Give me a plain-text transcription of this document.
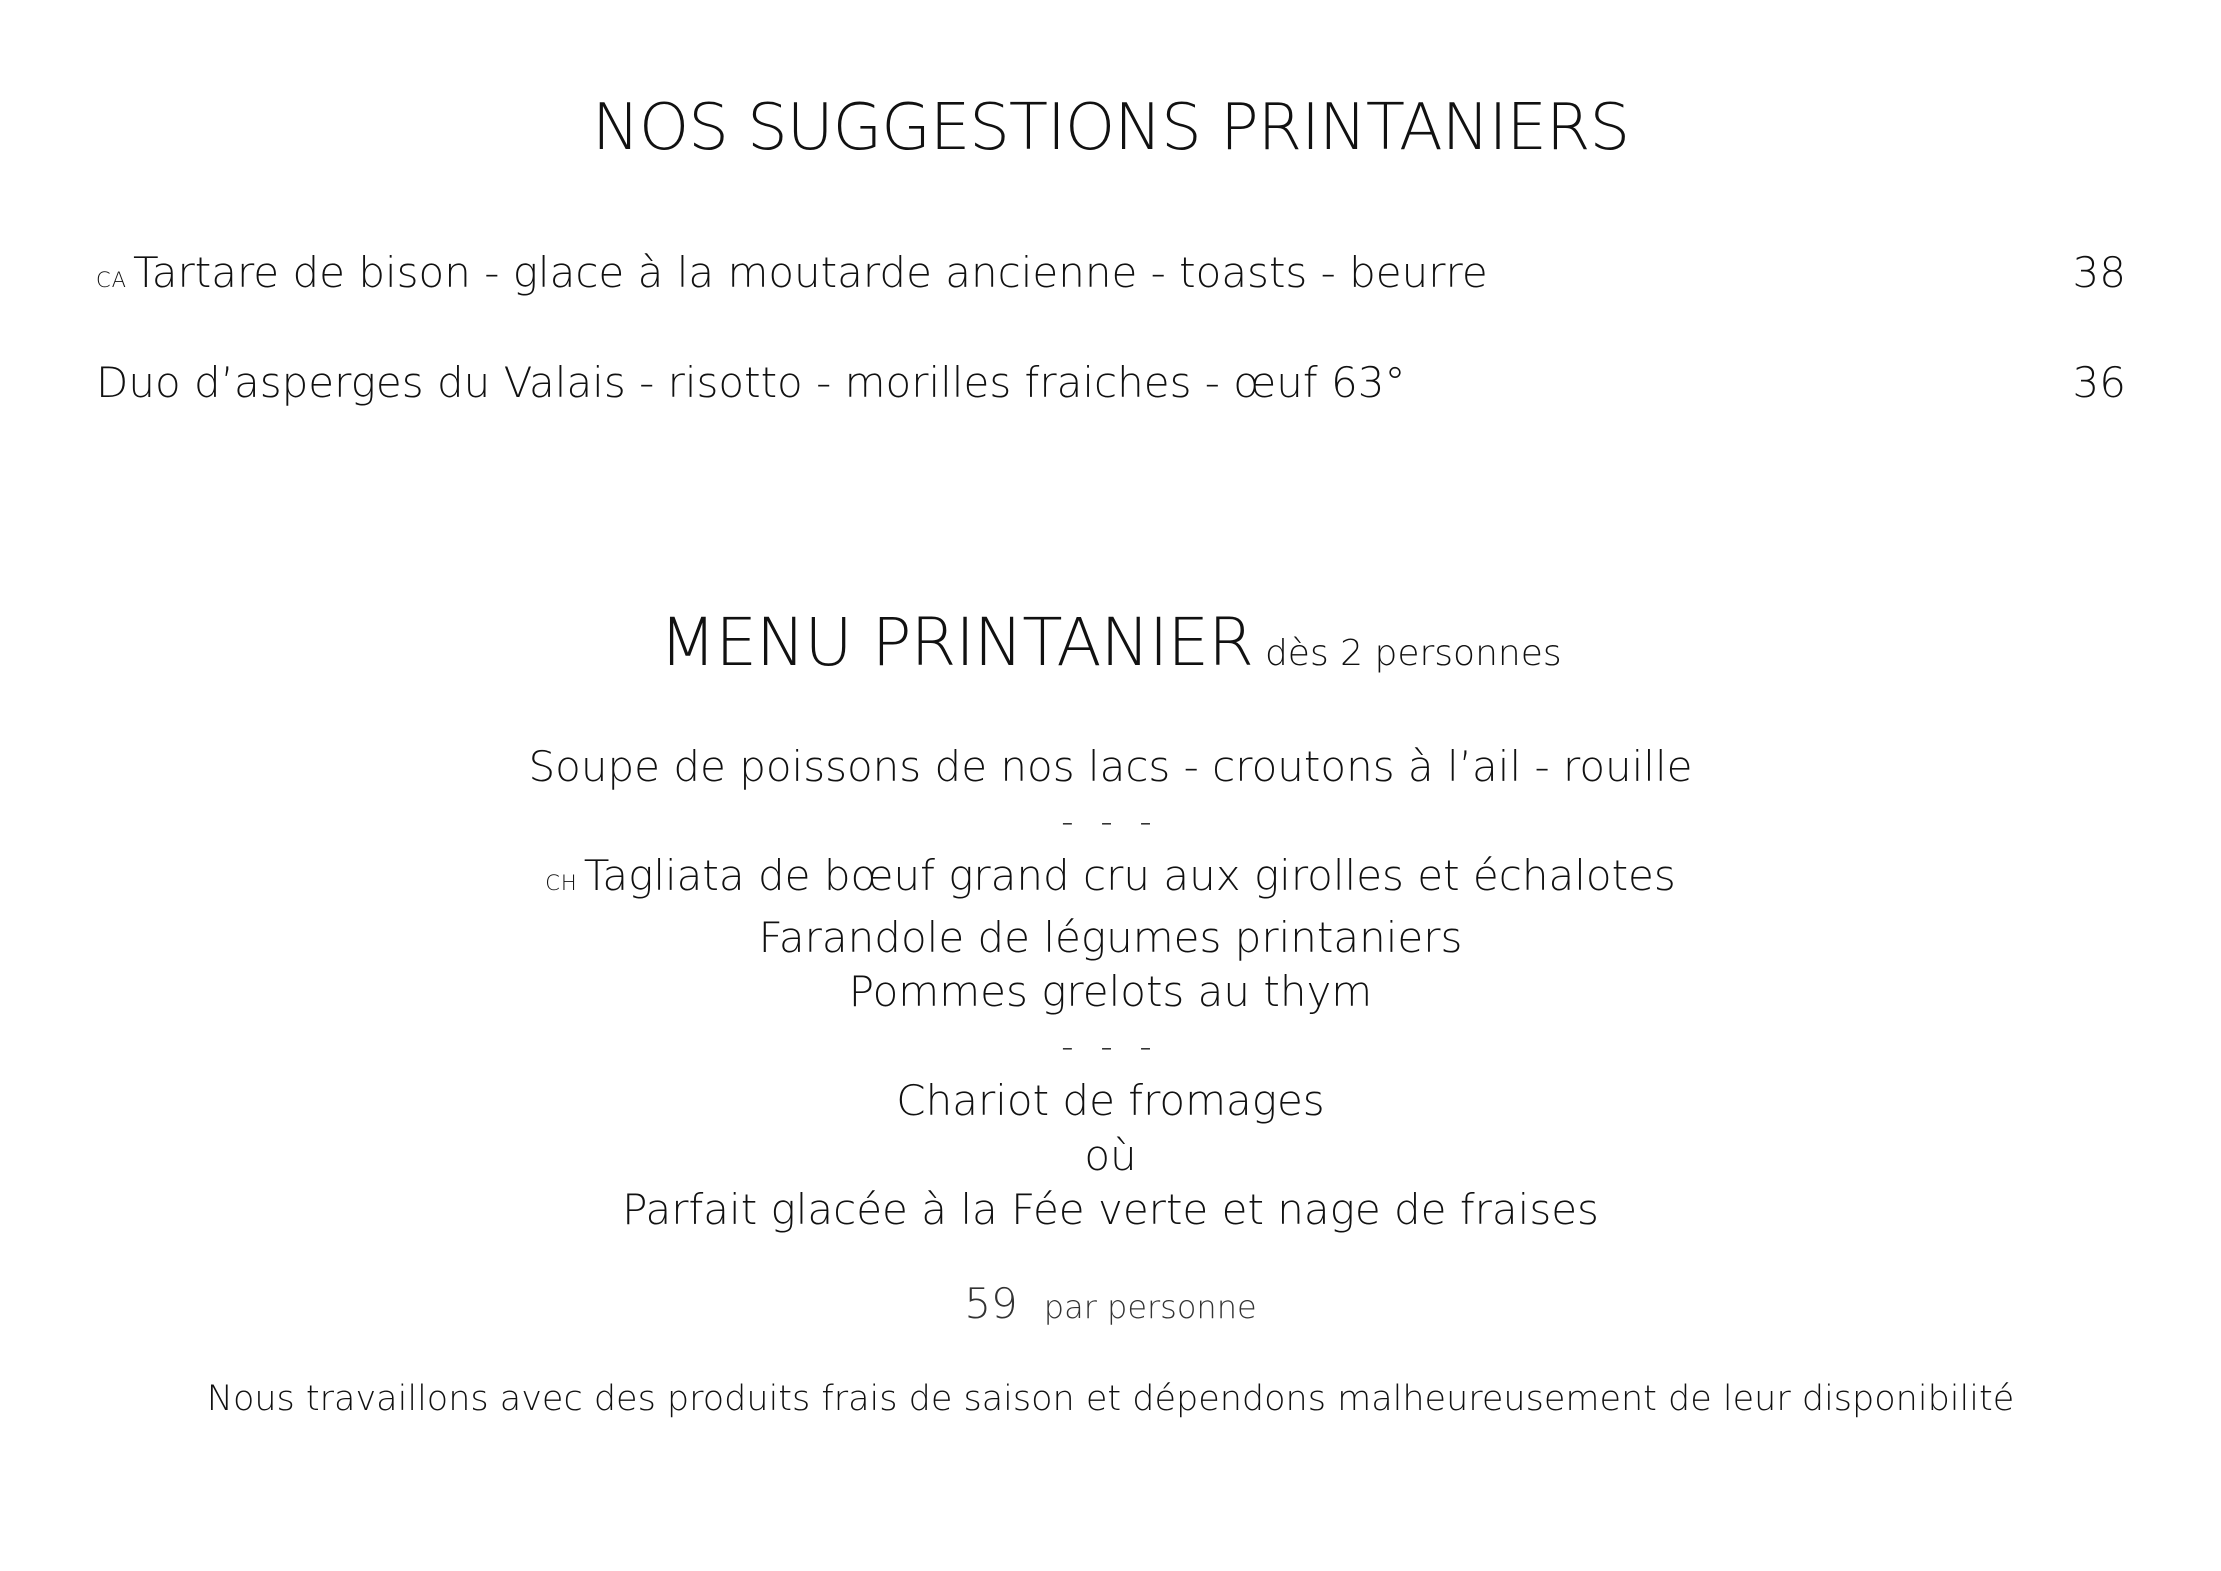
NOS SUGGESTIONS PRINTANIERS
CA Tartare de bison - glace à la moutarde ancienne - toasts - beurre	38
Duo d’asperges du Valais - risotto - morilles fraiches - œuf 63°	36
MENU PRINTANIER dès 2 personnes
Soupe de poissons de nos lacs - croutons à l’ail - rouille
- - -
CH Tagliata de bœuf grand cru aux girolles et échalotes
Farandole de légumes printaniers
Pommes grelots au thym
- - -
Chariot de fromages
où
Parfait glacée à la Fée verte et nage de fraises
59 par personne
Nous travaillons avec des produits frais de saison et dépendons malheureusement de leur disponibilité
